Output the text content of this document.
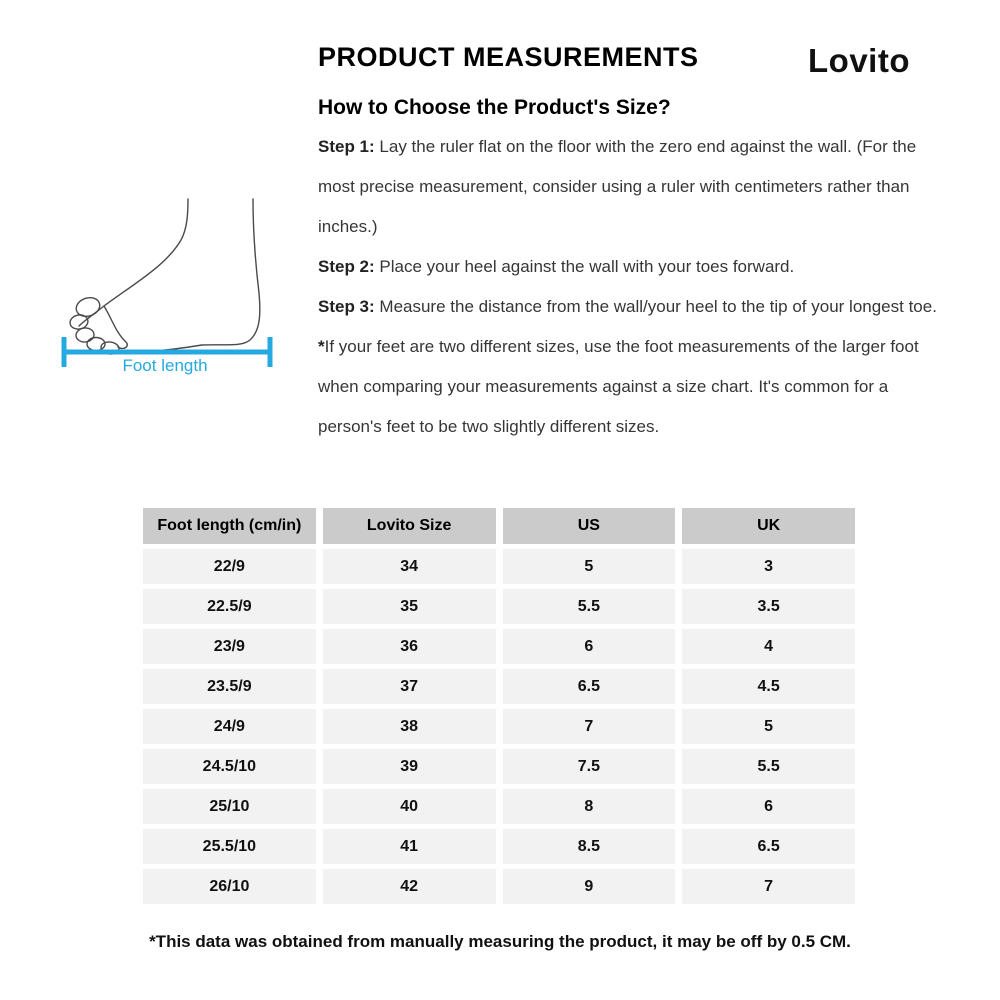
PRODUCT MEASUREMENTS	Lovito
How to Choose the Product's Size?

Step 1: Lay the ruler flat on the floor with the zero end against the wall. (For the most precise measurement, consider using a ruler with centimeters rather than inches.)

Step 2: Place your heel against the wall with your toes forward.

Step 3: Measure the distance from the wall/your heel to the tip of your longest toe.

*If your feet are two different sizes, use the foot measurements of the larger foot when comparing your measurements against a size chart. It's common for a person's feet to be two slightly different sizes.

Foot length
Foot length (cm/in)	Lovito Size	US	UK
22/9	34	5	3
22.5/9	35	5.5	3.5
23/9	36	6	4
23.5/9	37	6.5	4.5
24/9	38	7	5
24.5/10	39	7.5	5.5
25/10	40	8	6
25.5/10	41	8.5	6.5
26/10	42	9	7
*This data was obtained from manually measuring the product, it may be off by 0.5 CM.
